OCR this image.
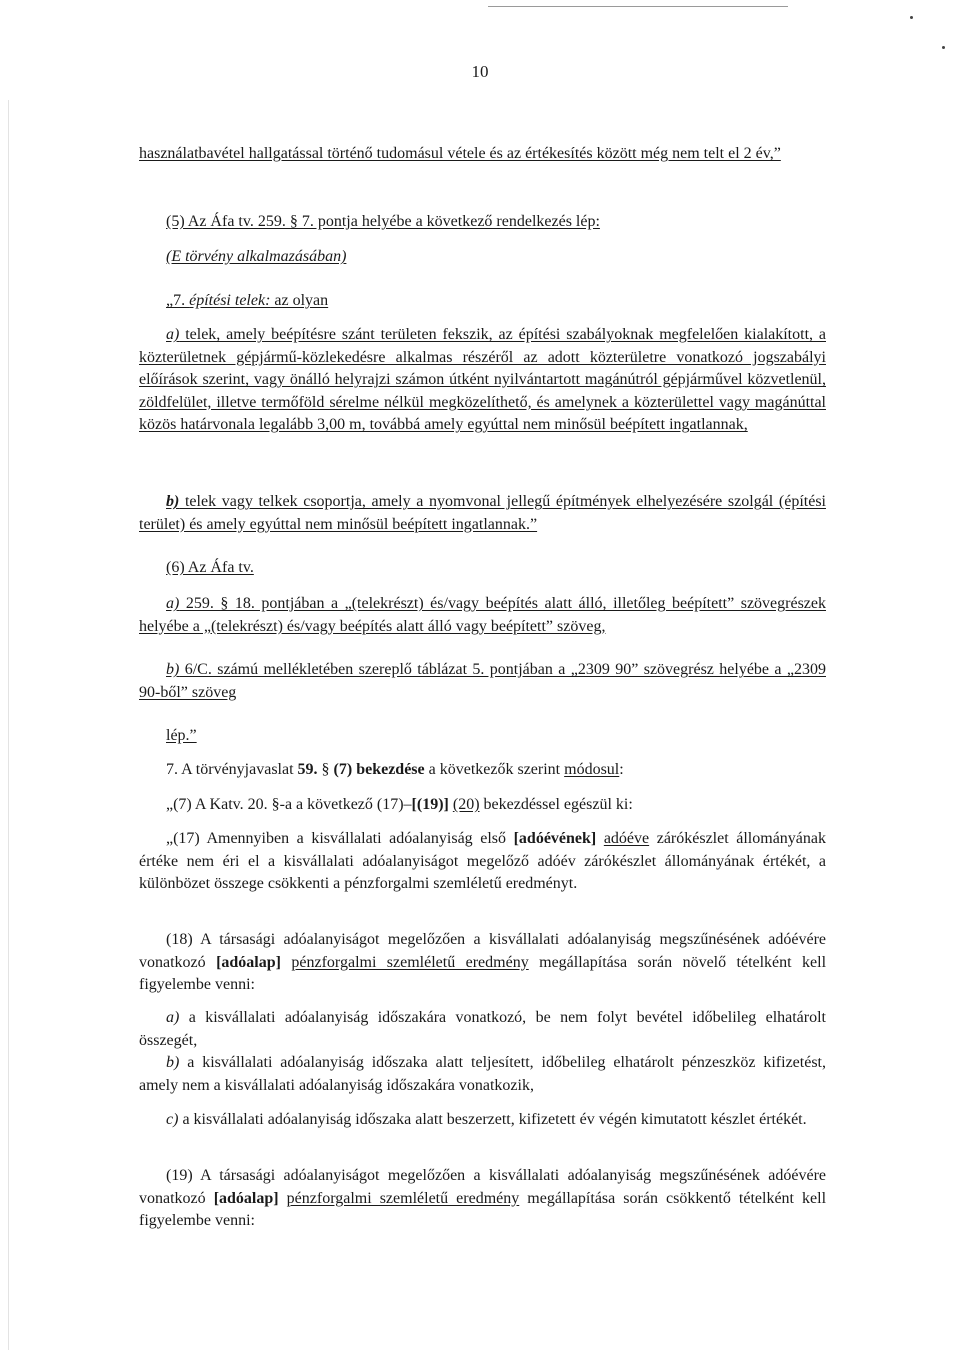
10

használatbavétel hallgatással történő tudomásul vétele és az értékesítés között még nem telt el 2 év,”

(5) Az Áfa tv. 259. § 7. pontja helyébe a következő rendelkezés lép:

(E törvény alkalmazásában)

„7. építési telek: az olyan

a) telek, amely beépítésre szánt területen fekszik, az építési szabályoknak megfelelően kialakított, a közterületnek gépjármű-közlekedésre alkalmas részéről az adott közterületre vonatkozó jogszabályi előírások szerint, vagy önálló helyrajzi számon útként nyilvántartott magánútról gépjárművel közvetlenül, zöldfelület, illetve termőföld sérelme nélkül megközelíthető, és amelynek a közterülettel vagy magánúttal közös határvonala legalább 3,00 m, továbbá amely egyúttal nem minősül beépített ingatlannak,

b) telek vagy telkek csoportja, amely a nyomvonal jellegű építmények elhelyezésére szolgál (építési terület) és amely egyúttal nem minősül beépített ingatlannak.”

(6) Az Áfa tv.

a) 259. § 18. pontjában a „(telekrészt) és/vagy beépítés alatt álló, illetőleg beépített” szövegrészek helyébe a „(telekrészt) és/vagy beépítés alatt álló vagy beépített” szöveg,

b) 6/C. számú mellékletében szereplő táblázat 5. pontjában a „2309 90” szövegrész helyébe a „2309 90-ből” szöveg

lép.”

7. A törvényjavaslat 59. § (7) bekezdése a következők szerint módosul:

„(7) A Katv. 20. §-a a következő (17)–[(19)] (20) bekezdéssel egészül ki:

„(17) Amennyiben a kisvállalati adóalanyiság első [adóévének] adóéve zárókészlet állományának értéke nem éri el a kisvállalati adóalanyiságot megelőző adóév zárókészlet állományának értékét, a különbözet összege csökkenti a pénzforgalmi szemléletű eredményt.

(18) A társasági adóalanyiságot megelőzően a kisvállalati adóalanyiság megszűnésének adóévére vonatkozó [adóalap] pénzforgalmi szemléletű eredmény megállapítása során növelő tételként kell figyelembe venni:

a) a kisvállalati adóalanyiság időszakára vonatkozó, be nem folyt bevétel időbelileg elhatárolt összegét,

b) a kisvállalati adóalanyiság időszaka alatt teljesített, időbelileg elhatárolt pénzeszköz kifizetést, amely nem a kisvállalati adóalanyiság időszakára vonatkozik,

c) a kisvállalati adóalanyiság időszaka alatt beszerzett, kifizetett év végén kimutatott készlet értékét.

(19) A társasági adóalanyiságot megelőzően a kisvállalati adóalanyiság megszűnésének adóévére vonatkozó [adóalap] pénzforgalmi szemléletű eredmény megállapítása során csökkentő tételként kell figyelembe venni:
